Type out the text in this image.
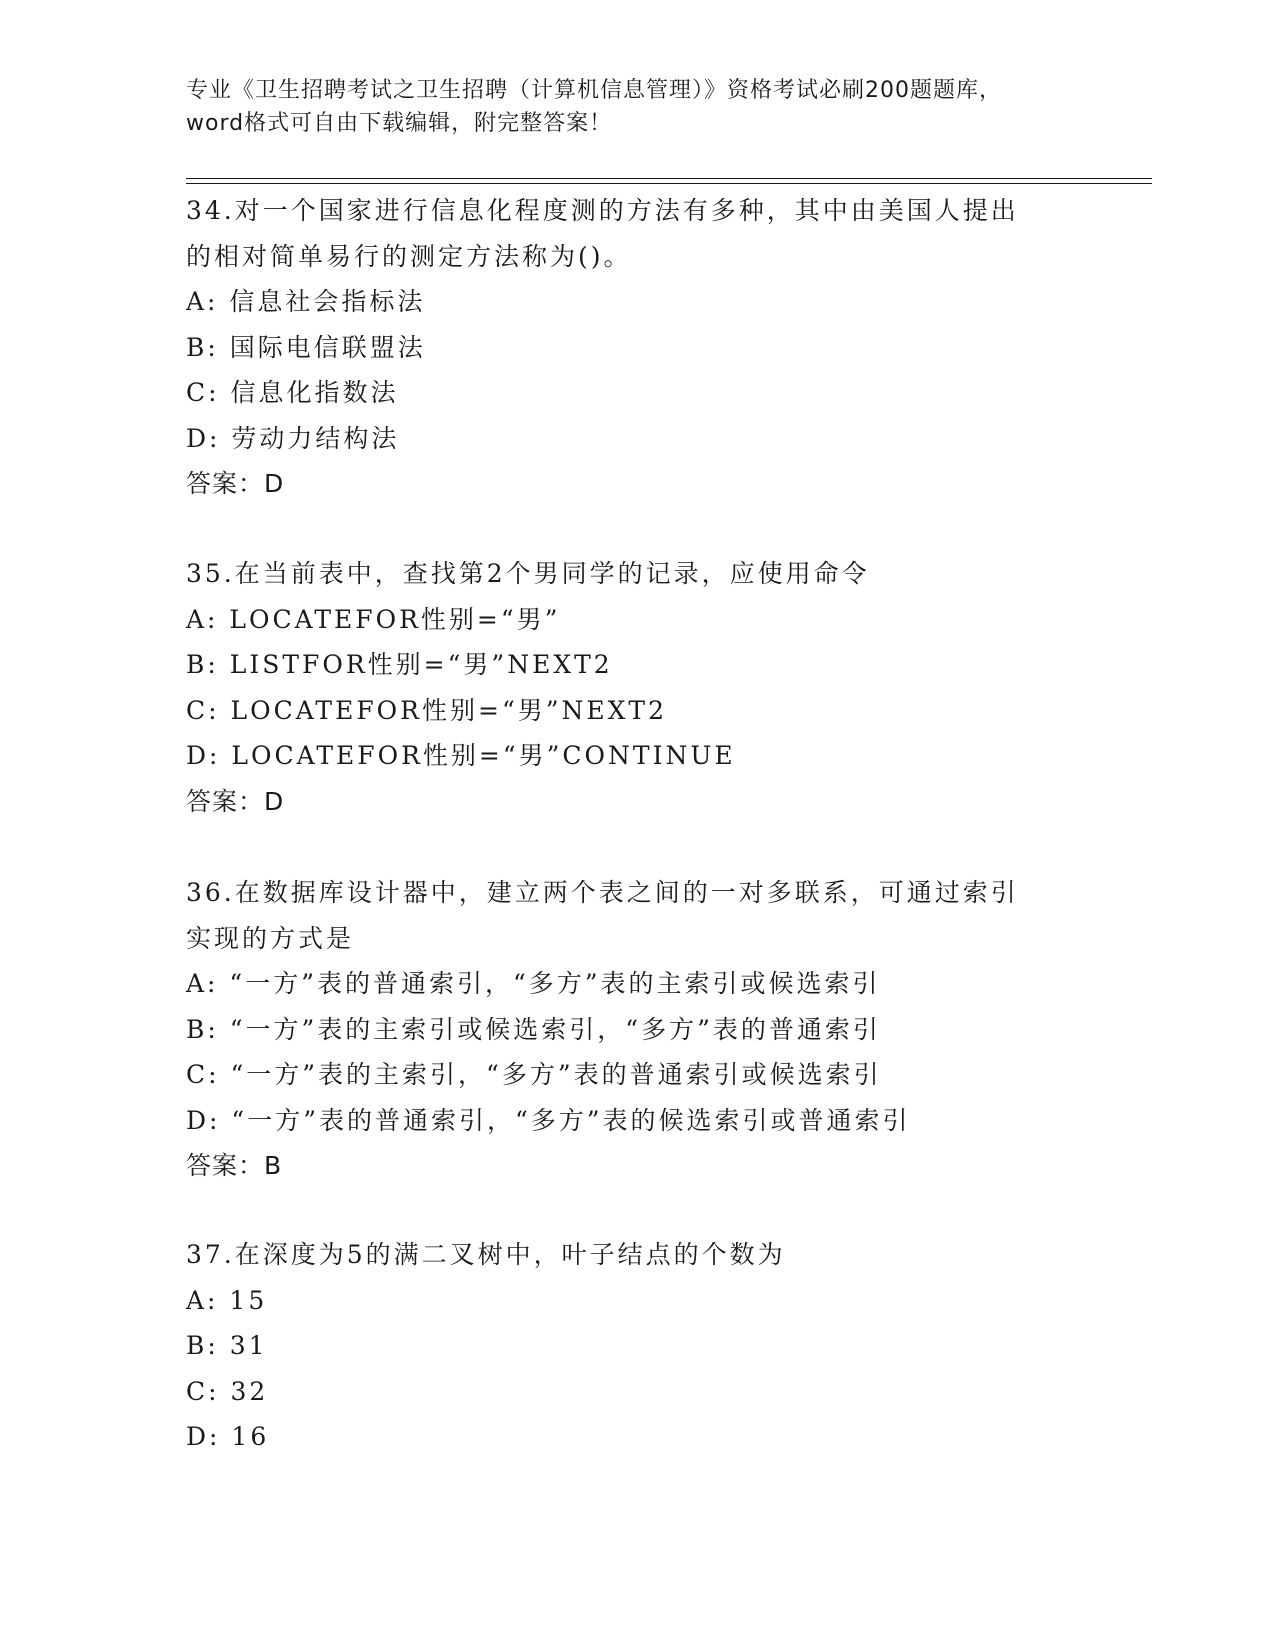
专业《卫生招聘考试之卫生招聘（计算机信息管理）》资格考试必刷200题题库，
word格式可自由下载编辑，附完整答案！

34.对一个国家进行信息化程度测的方法有多种，其中由美国人提出的相对简单易行的测定方法称为()。

A: 信息社会指标法

B: 国际电信联盟法

C: 信息化指数法

D: 劳动力结构法

答案：D

35.在当前表中，查找第2个男同学的记录，应使用命令

A: LOCATEFOR性别=“男”

B: LISTFOR性别=“男”NEXT2

C: LOCATEFOR性别=“男”NEXT2

D: LOCATEFOR性别=“男”CONTINUE

答案：D

36.在数据库设计器中，建立两个表之间的一对多联系，可通过索引实现的方式是

A: “一方”表的普通索引，“多方”表的主索引或候选索引

B: “一方”表的主索引或候选索引，“多方”表的普通索引

C: “一方”表的主索引，“多方”表的普通索引或候选索引

D: “一方”表的普通索引，“多方”表的候选索引或普通索引

答案：B

37.在深度为5的满二叉树中，叶子结点的个数为

A: 15

B: 31

C: 32

D: 16
